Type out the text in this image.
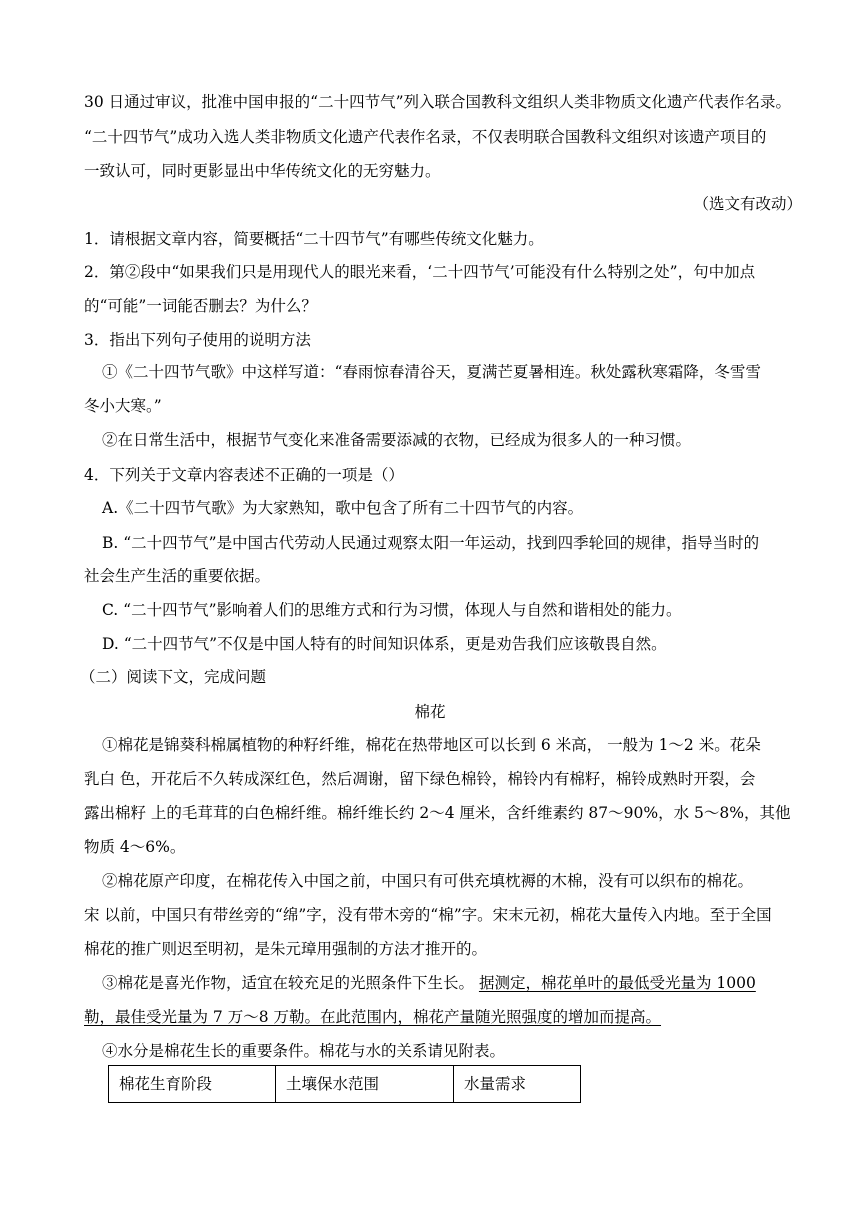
30 日通过审议，批准中国申报的“二十四节气”列入联合国教科文组织人类非物质文化遗产代表作名录。
“二十四节气”成功入选人类非物质文化遗产代表作名录，不仅表明联合国教科文组织对该遗产项目的
一致认可，同时更影显出中华传统文化的无穷魅力。
（选文有改动）
1．请根据文章内容，简要概括“二十四节气”有哪些传统文化魅力。
2．第②段中“如果我们只是用现代人的眼光来看，‘二十四节气’可能没有什么特别之处”，句中加点
的“可能”一词能否删去？为什么？
3．指出下列句子使用的说明方法
①《二十四节气歌》中这样写道：“春雨惊春清谷天，夏满芒夏暑相连。秋处露秋寒霜降，冬雪雪
冬小大寒。”
②在日常生活中，根据节气变化来准备需要添减的衣物，已经成为很多人的一种习惯。
4．下列关于文章内容表述不正确的一项是（）
A.《二十四节气歌》为大家熟知，歌中包含了所有二十四节气的内容。
B. “二十四节气”是中国古代劳动人民通过观察太阳一年运动，找到四季轮回的规律，指导当时的
社会生产生活的重要依据。
C. “二十四节气”影响着人们的思维方式和行为习惯，体现人与自然和谐相处的能力。
D. “二十四节气”不仅是中国人特有的时间知识体系，更是劝告我们应该敬畏自然。
（二）阅读下文，完成问题
棉花
①棉花是锦葵科棉属植物的种籽纤维，棉花在热带地区可以长到 6 米高， 一般为 1～2 米。花朵
乳白 色，开花后不久转成深红色，然后凋谢，留下绿色棉铃，棉铃内有棉籽，棉铃成熟时开裂，会
露出棉籽 上的毛茸茸的白色棉纤维。棉纤维长约 2～4 厘米，含纤维素约 87～90%，水 5～8%，其他
物质 4～6%。
②棉花原产印度，在棉花传入中国之前，中国只有可供充填枕褥的木棉，没有可以织布的棉花。
宋 以前，中国只有带丝旁的“绵”字，没有带木旁的“棉”字。宋末元初，棉花大量传入内地。至于全国
棉花的推广则迟至明初，是朱元璋用强制的方法才推开的。
③棉花是喜光作物，适宜在较充足的光照条件下生长。 据测定，棉花单叶的最低受光量为 1000
勒，最佳受光量为 7 万～8 万勒。在此范围内，棉花产量随光照强度的增加而提高。
④水分是棉花生长的重要条件。棉花与水的关系请见附表。
棉花生育阶段	土壤保水范围	水量需求
